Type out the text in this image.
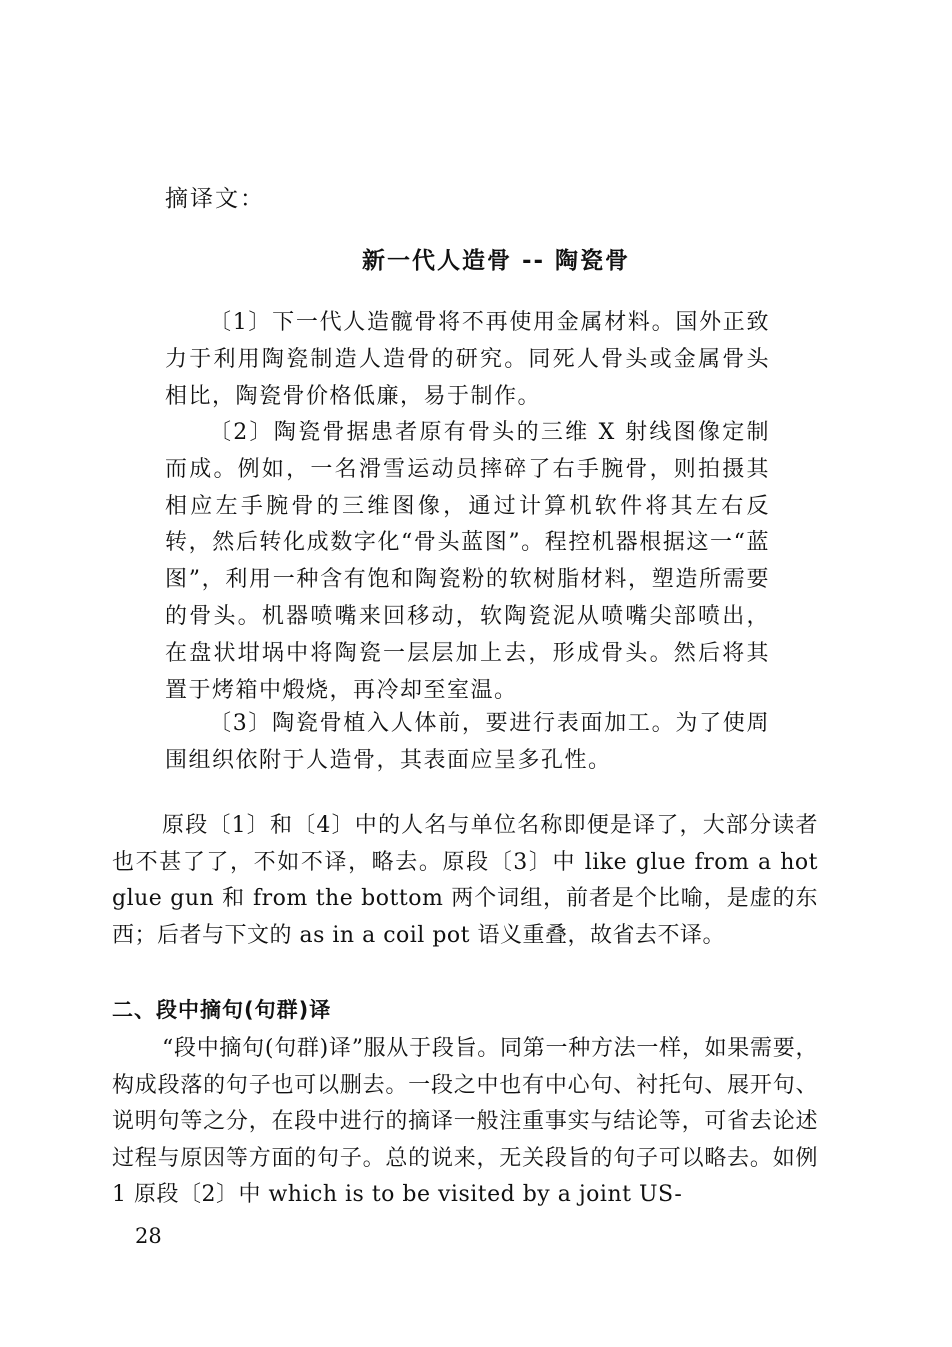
摘译文：
新一代人造骨 -- 陶瓷骨

〔1〕下一代人造髋骨将不再使用金属材料。国外正致力于利用陶瓷制造人造骨的研究。同死人骨头或金属骨头相比，陶瓷骨价格低廉，易于制作。

〔2〕陶瓷骨据患者原有骨头的三维 X 射线图像定制而成。例如，一名滑雪运动员摔碎了右手腕骨，则拍摄其相应左手腕骨的三维图像，通过计算机软件将其左右反转，然后转化成数字化“骨头蓝图”。程控机器根据这一“蓝图”，利用一种含有饱和陶瓷粉的软树脂材料，塑造所需要的骨头。机器喷嘴来回移动，软陶瓷泥从喷嘴尖部喷出，在盘状坩埚中将陶瓷一层层加上去，形成骨头。然后将其置于烤箱中煅烧，再冷却至室温。

〔3〕陶瓷骨植入人体前，要进行表面加工。为了使周围组织依附于人造骨，其表面应呈多孔性。

原段〔1〕和〔4〕中的人名与单位名称即便是译了，大部分读者也不甚了了，不如不译，略去。原段〔3〕中 like glue from a hot glue gun 和 from the bottom 两个词组，前者是个比喻，是虚的东西；后者与下文的 as in a coil pot 语义重叠，故省去不译。

二、段中摘句(句群)译

“段中摘句(句群)译”服从于段旨。同第一种方法一样，如果需要，构成段落的句子也可以删去。一段之中也有中心句、衬托句、展开句、说明句等之分，在段中进行的摘译一般注重事实与结论等，可省去论述过程与原因等方面的句子。总的说来，无关段旨的句子可以略去。如例 1 原段〔2〕中 which is to be visited by a joint US-

28
